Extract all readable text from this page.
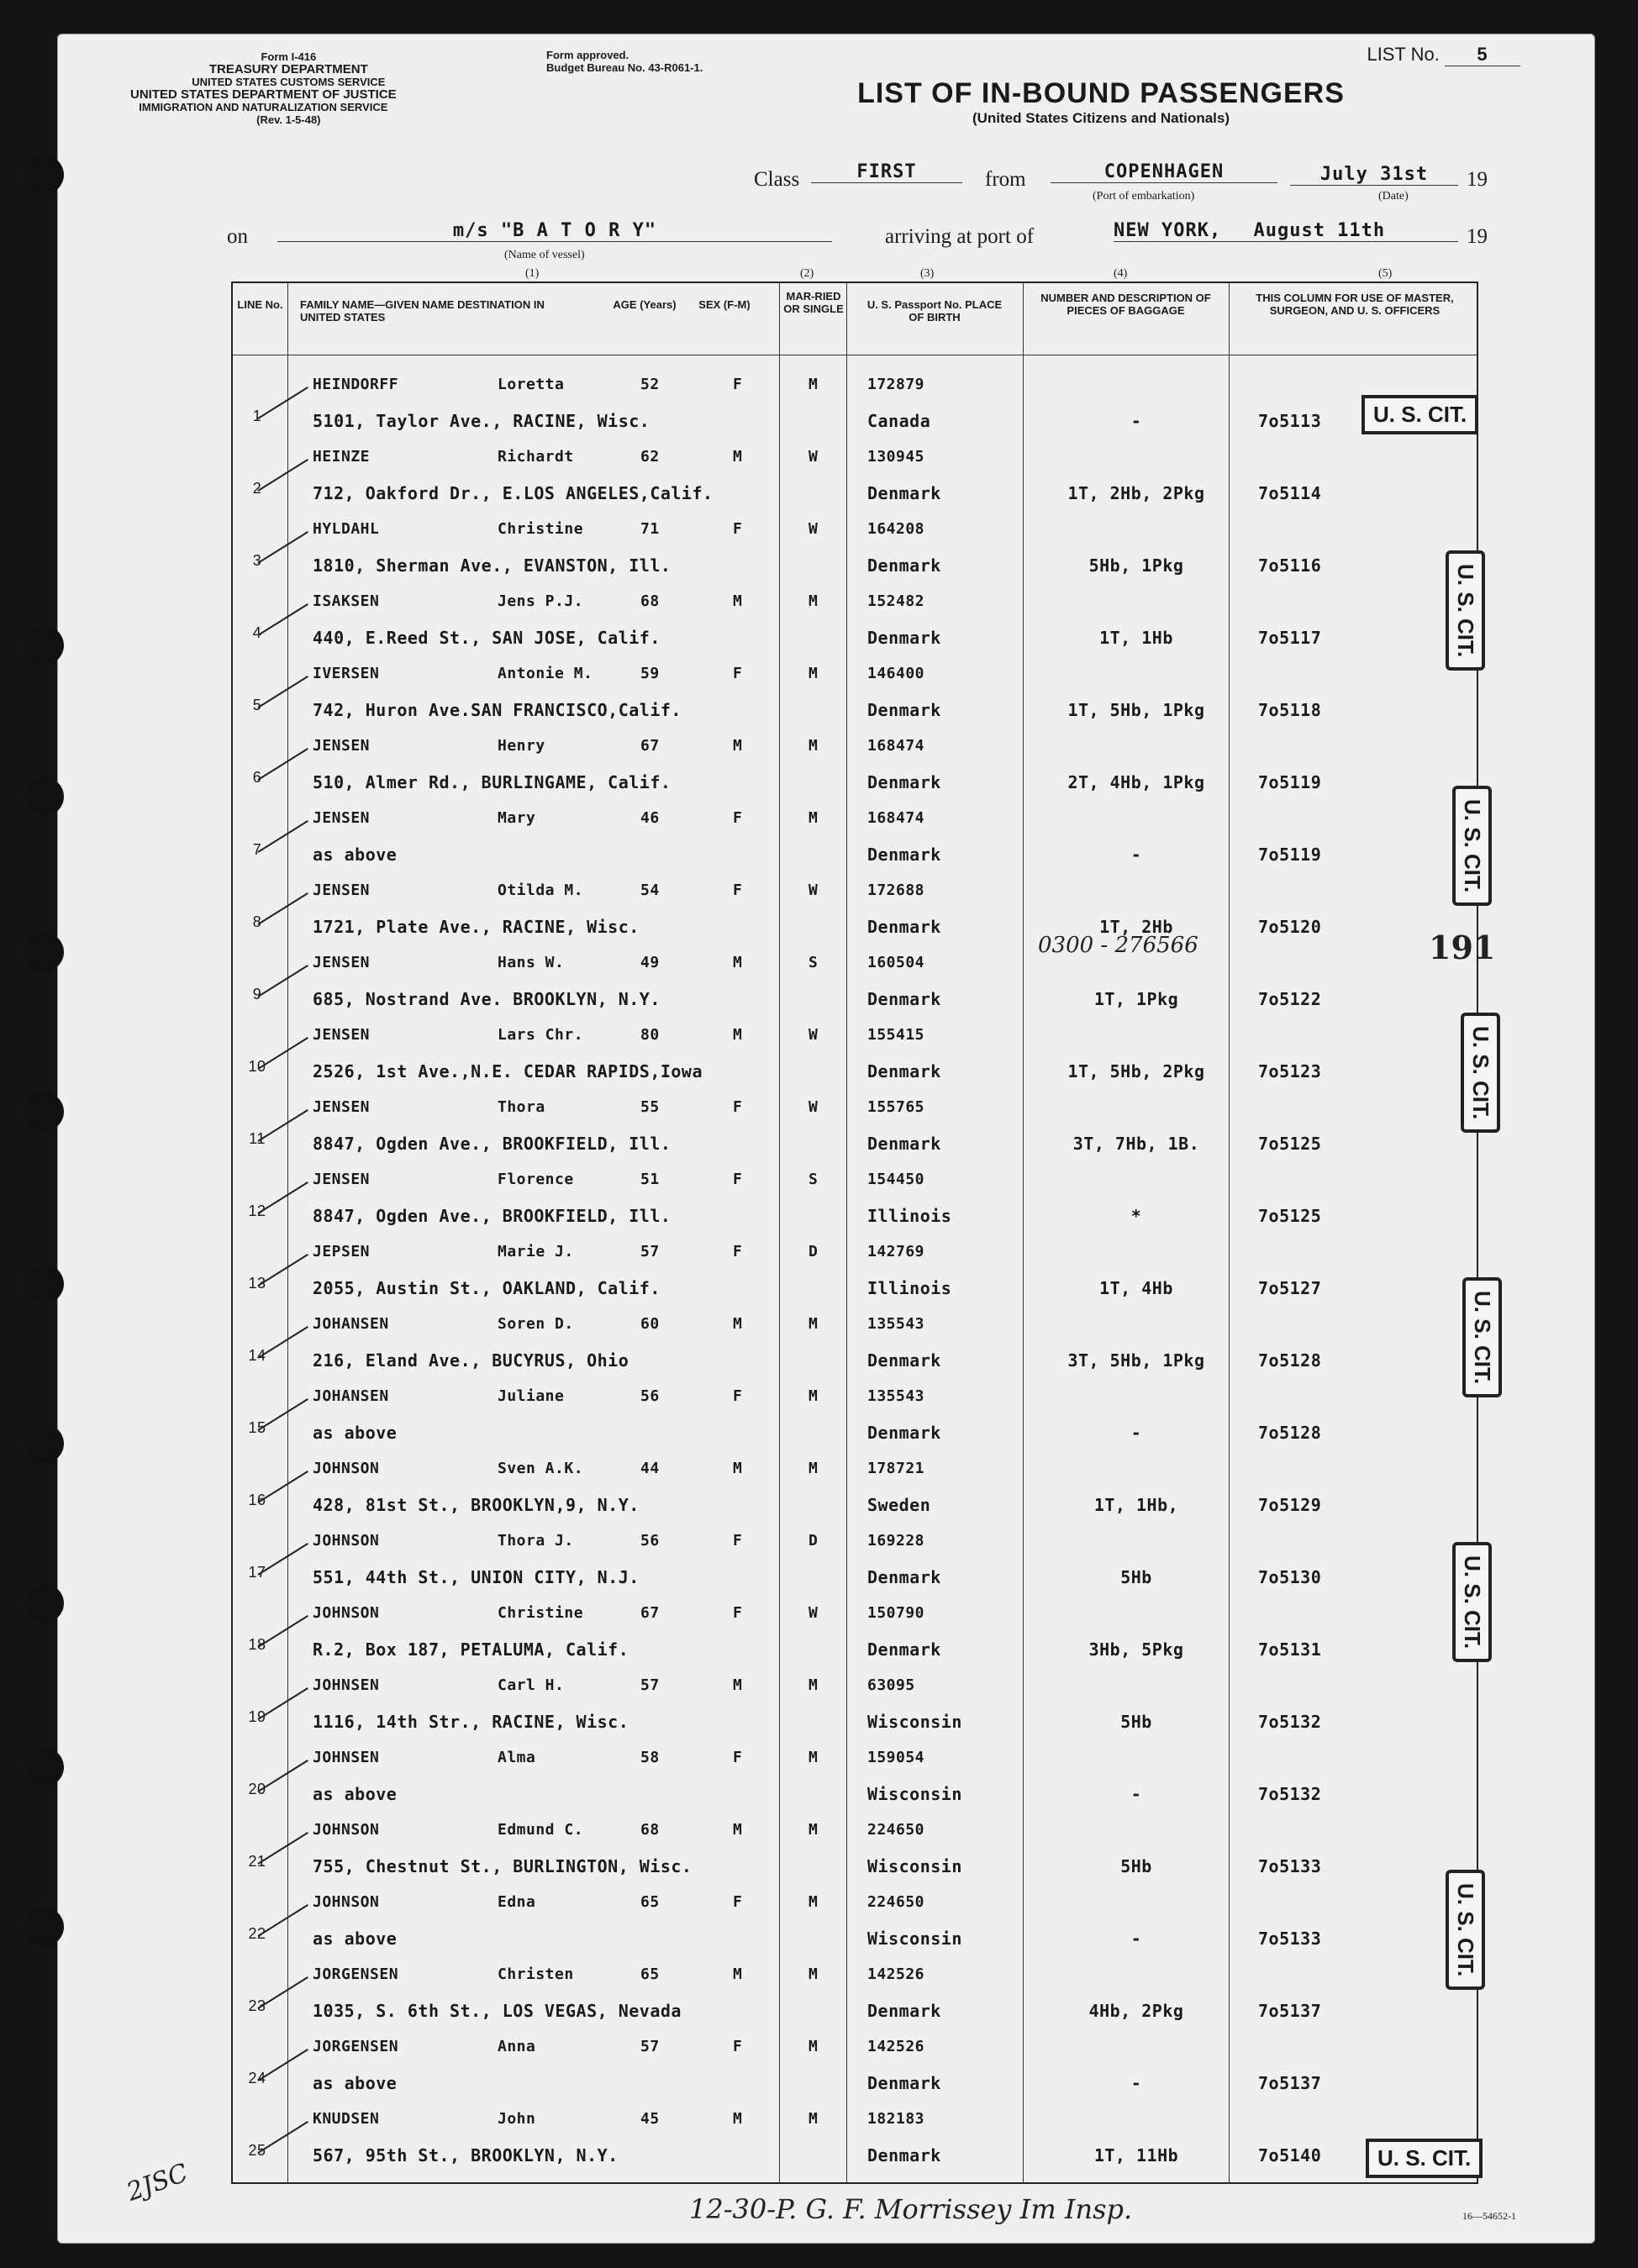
Form I-416
TREASURY DEPARTMENT
UNITED STATES CUSTOMS SERVICE
UNITED STATES DEPARTMENT OF JUSTICE
IMMIGRATION AND NATURALIZATION SERVICE
(Rev. 1-5-48)
Form approved.
Budget Bureau No. 43-R061-1.
LIST No. 5
LIST OF IN-BOUND PASSENGERS
(United States Citizens and Nationals)
Class	FIRST	from	COPENHAGEN
(Port of embarkation)
July 31st
(Date)
19
on	m/s "B A T O R Y"
(Name of vessel)
arriving at port of	NEW YORK, August 11th	19
(1)	(2)	(3)	(4)	(5)
LINE No.	FAMILY NAME—GIVEN NAME DESTINATION IN UNITED STATES
AGE (Years)	SEX (F-M)
MAR-RIED OR SINGLE	U. S. Passport No. PLACE OF BIRTH
NUMBER AND DESCRIPTION OF PIECES OF BAGGAGE
THIS COLUMN FOR USE OF MASTER, SURGEON, AND U. S. OFFICERS
1
HEINDORFF	Loretta	52	F	M	172879
5101, Taylor Ave., RACINE, Wisc.	Canada	-	7o5113
2
HEINZE	Richardt	62	M	W	130945
712, Oakford Dr., E.LOS ANGELES,Calif.	Denmark	1T, 2Hb, 2Pkg	7o5114
3
HYLDAHL	Christine	71	F	W	164208
1810, Sherman Ave., EVANSTON, Ill.	Denmark	5Hb, 1Pkg	7o5116
4
ISAKSEN	Jens P.J.	68	M	M	152482
440, E.Reed St., SAN JOSE, Calif.	Denmark	1T, 1Hb	7o5117
5
IVERSEN	Antonie M.	59	F	M	146400
742, Huron Ave.SAN FRANCISCO,Calif.	Denmark	1T, 5Hb, 1Pkg	7o5118
6
JENSEN	Henry	67	M	M	168474
510, Almer Rd., BURLINGAME, Calif.	Denmark	2T, 4Hb, 1Pkg	7o5119
7
JENSEN	Mary	46	F	M	168474
as above	Denmark	-	7o5119
8
JENSEN	Otilda M.	54	F	W	172688
1721, Plate Ave., RACINE, Wisc.	Denmark	1T, 2Hb	7o5120
9
JENSEN	Hans W.	49	M	S	160504
685, Nostrand Ave. BROOKLYN, N.Y.	Denmark	1T, 1Pkg	7o5122
10
JENSEN	Lars Chr.	80	M	W	155415
2526, 1st Ave.,N.E. CEDAR RAPIDS,Iowa	Denmark	1T, 5Hb, 2Pkg	7o5123
11
JENSEN	Thora	55	F	W	155765
8847, Ogden Ave., BROOKFIELD, Ill.	Denmark	3T, 7Hb, 1B.	7o5125
12
JENSEN	Florence	51	F	S	154450
8847, Ogden Ave., BROOKFIELD, Ill.	Illinois	*	7o5125
13
JEPSEN	Marie J.	57	F	D	142769
2055, Austin St., OAKLAND, Calif.	Illinois	1T, 4Hb	7o5127
14
JOHANSEN	Soren D.	60	M	M	135543
216, Eland Ave., BUCYRUS, Ohio	Denmark	3T, 5Hb, 1Pkg	7o5128
15
JOHANSEN	Juliane	56	F	M	135543
as above	Denmark	-	7o5128
16
JOHNSON	Sven A.K.	44	M	M	178721
428, 81st St., BROOKLYN,9, N.Y.	Sweden	1T, 1Hb,	7o5129
17
JOHNSON	Thora J.	56	F	D	169228
551, 44th St., UNION CITY, N.J.	Denmark	5Hb	7o5130
18
JOHNSON	Christine	67	F	W	150790
R.2, Box 187, PETALUMA, Calif.	Denmark	3Hb, 5Pkg	7o5131
19
JOHNSEN	Carl H.	57	M	M	63095
1116, 14th Str., RACINE, Wisc.	Wisconsin	5Hb	7o5132
20
JOHNSEN	Alma	58	F	M	159054
as above	Wisconsin	-	7o5132
21
JOHNSON	Edmund C.	68	M	M	224650
755, Chestnut St., BURLINGTON, Wisc.	Wisconsin	5Hb	7o5133
22
JOHNSON	Edna	65	F	M	224650
as above	Wisconsin	-	7o5133
23
JORGENSEN	Christen	65	M	M	142526
1035, S. 6th St., LOS VEGAS, Nevada	Denmark	4Hb, 2Pkg	7o5137
24
JORGENSEN	Anna	57	F	M	142526
as above	Denmark	-	7o5137
25
KNUDSEN	John	45	M	M	182183
567, 95th St., BROOKLYN, N.Y.	Denmark	1T, 11Hb	7o5140
U. S. CIT.
U. S. CIT.
U. S. CIT.
U. S. CIT.
U. S. CIT.
U. S. CIT.
U. S. CIT.
U. S. CIT.
191
0300 - 276566
2JSC
12-30-P. G. F. Morrissey Im Insp.	16—54652-1
